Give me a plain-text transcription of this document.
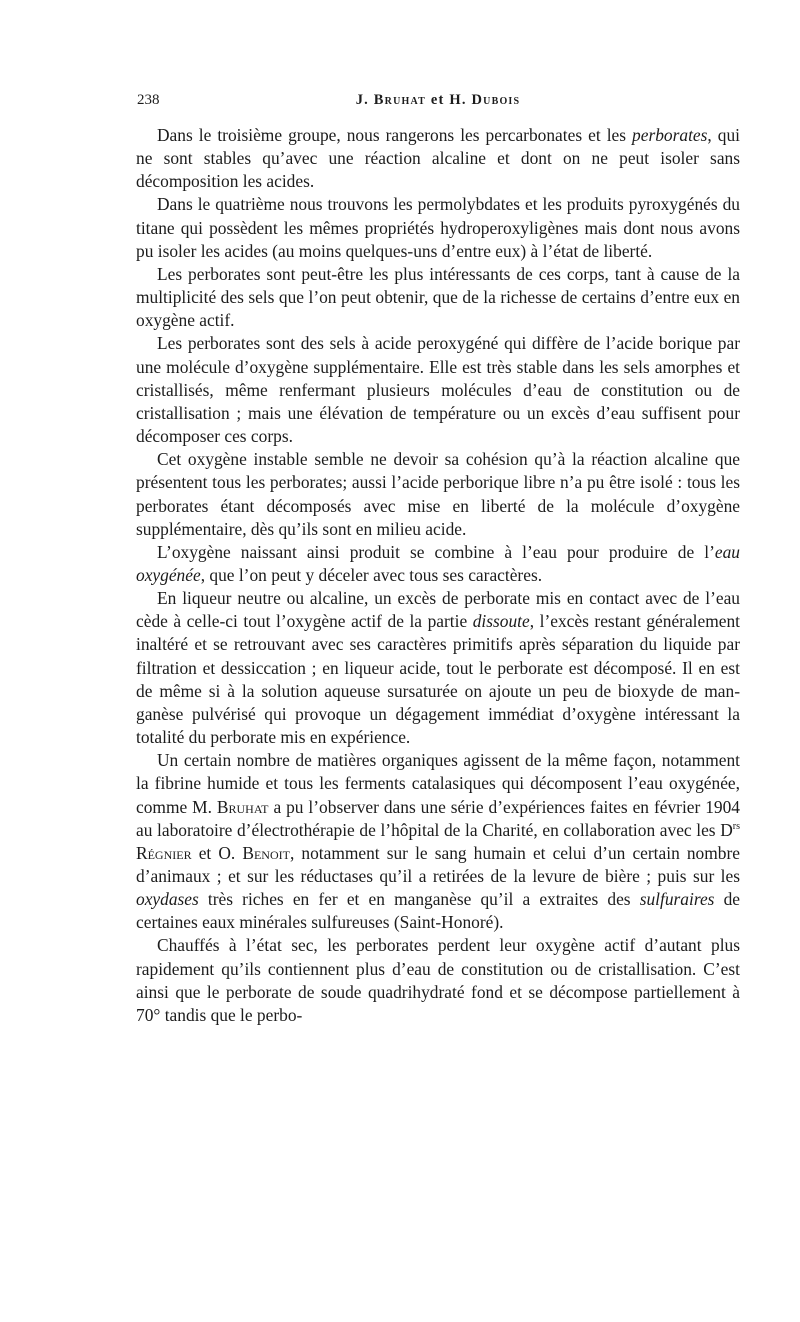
238	J. Bruhat et H. Dubois

Dans le troisième groupe, nous rangerons les percarbonates et les perborates, qui ne sont stables qu’avec une réaction alcaline et dont on ne peut isoler sans décomposition les acides.

Dans le quatrième nous trouvons les permolybdates et les produits pyroxygénés du titane qui possèdent les mêmes propriétés hydroperoxyligènes mais dont nous avons pu isoler les acides (au moins quelques-uns d’entre eux) à l’état de liberté.

Les perborates sont peut-être les plus intéressants de ces corps, tant à cause de la multiplicité des sels que l’on peut obtenir, que de la richesse de certains d’entre eux en oxygène actif.

Les perborates sont des sels à acide peroxygéné qui diffère de l’acide borique par une molécule d’oxygène supplémentaire. Elle est très stable dans les sels amorphes et cristallisés, même renfermant plusieurs molécules d’eau de constitution ou de cristallisation ; mais une élévation de température ou un excès d’eau suffisent pour décomposer ces corps.

Cet oxygène instable semble ne devoir sa cohésion qu’à la réaction alcaline que présentent tous les perborates; aussi l’acide perborique libre n’a pu être isolé : tous les perborates étant décomposés avec mise en liberté de la molécule d’oxygène supplémentaire, dès qu’ils sont en milieu acide.

L’oxygène naissant ainsi produit se combine à l’eau pour produire de l’eau oxygénée, que l’on peut y déceler avec tous ses caractères.

En liqueur neutre ou alcaline, un excès de perborate mis en contact avec de l’eau cède à celle-ci tout l’oxygène actif de la partie dissoute, l’excès restant généralement inaltéré et se retrouvant avec ses caractères primitifs après séparation du liquide par filtration et dessiccation ; en liqueur acide, tout le perborate est décomposé. Il en est de même si à la solution aqueuse sursaturée on ajoute un peu de bioxyde de manganèse pulvérisé qui provoque un dégagement immédiat d’oxygène intéressant la totalité du perborate mis en expérience.

Un certain nombre de matières organiques agissent de la même façon, notamment la fibrine humide et tous les ferments catalasiques qui décomposent l’eau oxygénée, comme M. Bruhat a pu l’observer dans une série d’expériences faites en février 1904 au laboratoire d’électrothérapie de l’hôpital de la Charité, en collaboration avec les $D^{rs}$ Régnier et O. Benoit, notamment sur le sang humain et celui d’un certain nombre d’animaux ; et sur les réductases qu’il a retirées de la levure de bière ; puis sur les oxydases très riches en fer et en manganèse qu’il a extraites des sulfuraires de certaines eaux minérales sulfureuses (Saint-Honoré).

Chauffés à l’état sec, les perborates perdent leur oxygène actif d’autant plus rapidement qu’ils contiennent plus d’eau de constitution ou de cristallisation. C’est ainsi que le perborate de soude quadrihydraté fond et se décompose partiellement à 70° tandis que le perbo-
